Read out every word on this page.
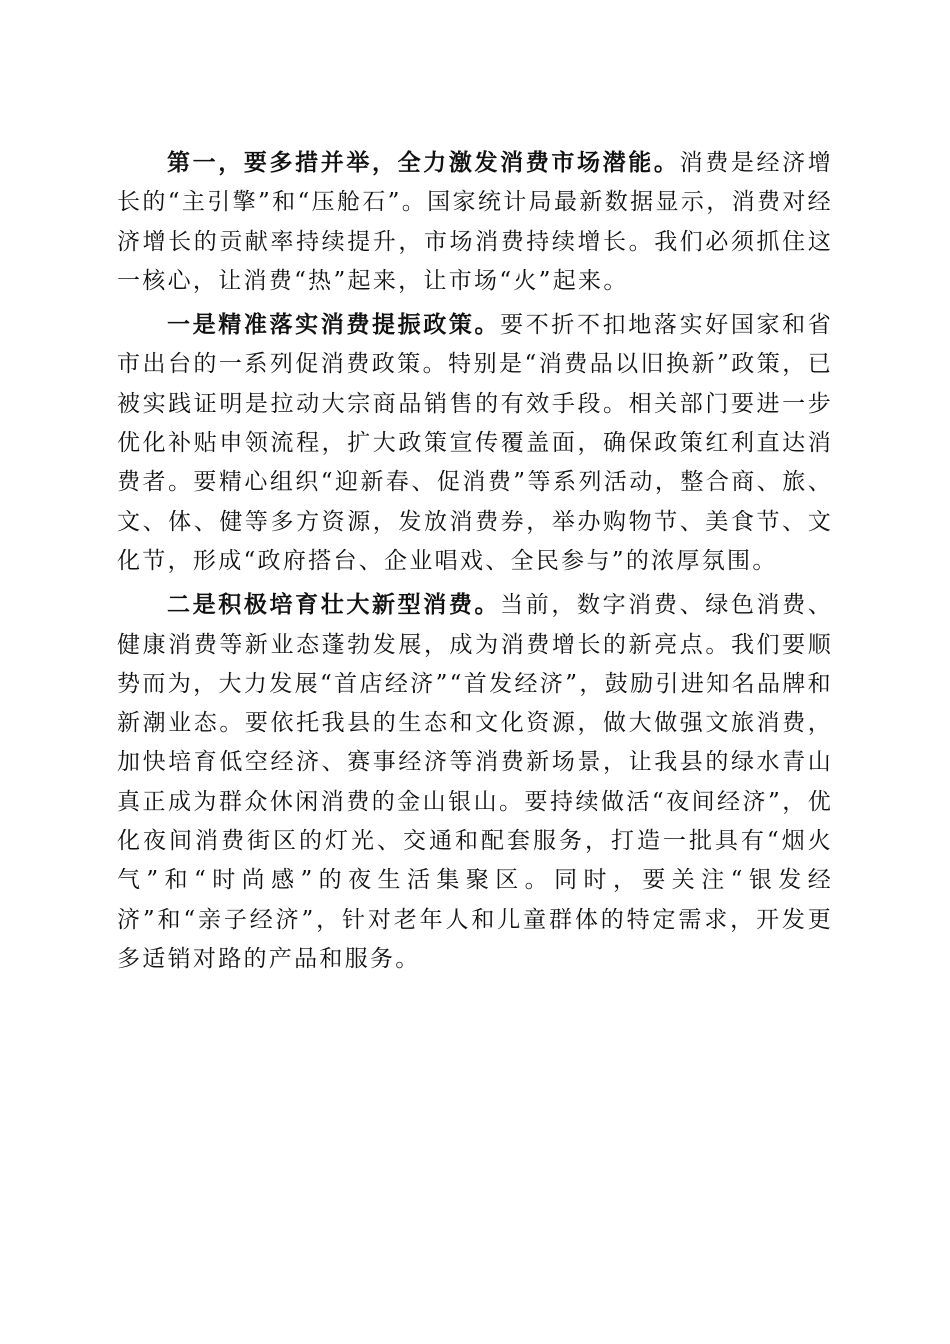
第一，要多措并举，全力激发消费市场潜能。消费是经济增长的“主引擎”和“压舱石”。国家统计局最新数据显示，消费对经济增长的贡献率持续提升，市场消费持续增长。我们必须抓住这一核心，让消费“热”起来，让市场“火”起来。

一是精准落实消费提振政策。要不折不扣地落实好国家和省市出台的一系列促消费政策。特别是“消费品以旧换新”政策，已被实践证明是拉动大宗商品销售的有效手段。相关部门要进一步优化补贴申领流程，扩大政策宣传覆盖面，确保政策红利直达消费者。要精心组织“迎新春、促消费”等系列活动，整合商、旅、文、体、健等多方资源，发放消费券，举办购物节、美食节、文化节，形成“政府搭台、企业唱戏、全民参与”的浓厚氛围。

二是积极培育壮大新型消费。当前，数字消费、绿色消费、健康消费等新业态蓬勃发展，成为消费增长的新亮点。我们要顺势而为，大力发展“首店经济”“首发经济”，鼓励引进知名品牌和新潮业态。要依托我县的生态和文化资源，做大做强文旅消费，加快培育低空经济、赛事经济等消费新场景，让我县的绿水青山真正成为群众休闲消费的金山银山。要持续做活“夜间经济”，优化夜间消费街区的灯光、交通和配套服务，打造一批具有“烟火气”和“时尚感”的夜生活集聚区。同时，要关注“银发经济”和“亲子经济”，针对老年人和儿童群体的特定需求，开发更多适销对路的产品和服务。
